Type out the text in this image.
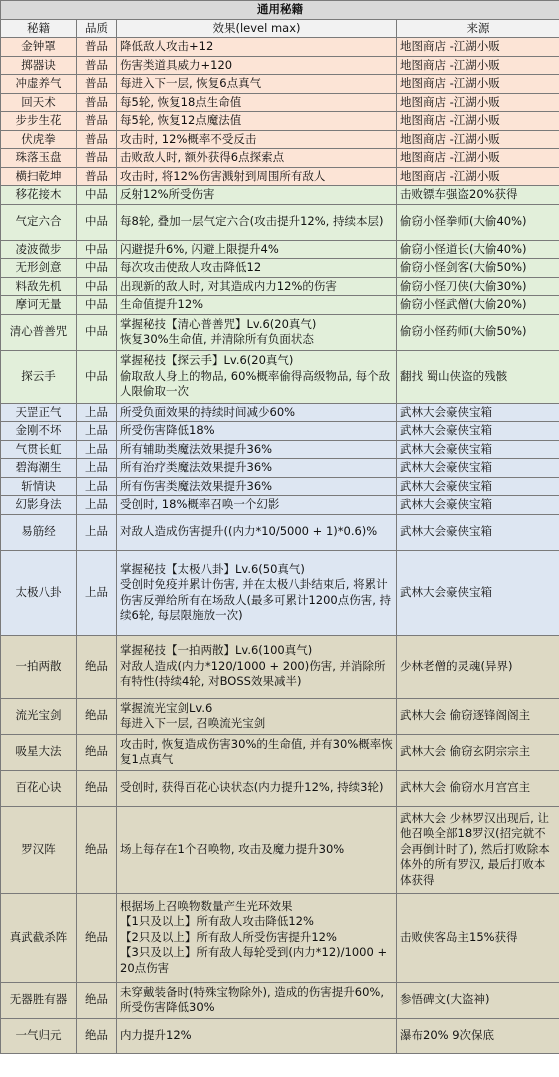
通用秘籍			
秘籍	品质	效果(level max)	来源
金钟罩	普品	降低敌人攻击+12	地图商店 -江湖小贩
掷器诀	普品	伤害类道具威力+120	地图商店 -江湖小贩
冲虚养气	普品	每进入下一层, 恢复6点真气	地图商店 -江湖小贩
回天术	普品	每5轮, 恢复18点生命值	地图商店 -江湖小贩
步步生花	普品	每5轮, 恢复12点魔法值	地图商店 -江湖小贩
伏虎拳	普品	攻击时, 12%概率不受反击	地图商店 -江湖小贩
珠落玉盘	普品	击败敌人时, 额外获得6点探索点	地图商店 -江湖小贩
横扫乾坤	普品	攻击时, 将12%伤害溅射到周围所有敌人	地图商店 -江湖小贩
移花接木	中品	反射12%所受伤害	击败镖车强盗20%获得
气定六合	中品	每8轮, 叠加一层气定六合(攻击提升12%, 持续本层)	偷窃小怪拳师(大偷40%)
凌波微步	中品	闪避提升6%, 闪避上限提升4%	偷窃小怪道长(大偷40%)
无形剑意	中品	每次攻击使敌人攻击降低12	偷窃小怪剑客(大偷50%)
料敌先机	中品	出现新的敌人时, 对其造成内力12%的伤害	偷窃小怪刀侠(大偷30%)
摩诃无量	中品	生命值提升12%	偷窃小怪武僧(大偷20%)
清心普善咒	中品	掌握秘技【清心普善咒】Lv.6(20真气)
恢复30%生命值, 并清除所有负面状态	偷窃小怪药师(大偷50%)
探云手	中品	掌握秘技【探云手】Lv.6(20真气)
偷取敌人身上的物品, 60%概率偷得高级物品, 每个敌人限偷取一次	翻找 蜀山侠盗的残骸
天罡正气	上品	所受负面效果的持续时间减少60%	武林大会豪侠宝箱
金刚不坏	上品	所受伤害降低18%	武林大会豪侠宝箱
气贯长虹	上品	所有辅助类魔法效果提升36%	武林大会豪侠宝箱
碧海潮生	上品	所有治疗类魔法效果提升36%	武林大会豪侠宝箱
斩情诀	上品	所有伤害类魔法效果提升36%	武林大会豪侠宝箱
幻影身法	上品	受创时, 18%概率召唤一个幻影	武林大会豪侠宝箱
易筋经	上品	对敌人造成伤害提升((内力*10/5000 + 1)*0.6)%	武林大会豪侠宝箱
太极八卦	上品	掌握秘技【太极八卦】Lv.6(50真气)
受创时免疫并累计伤害, 并在太极八卦结束后, 将累计伤害反弹给所有在场敌人(最多可累计1200点伤害, 持续6轮, 每层限施放一次)	武林大会豪侠宝箱
一拍两散	绝品	掌握秘技【一拍两散】Lv.6(100真气)
对敌人造成(内力*120/1000 + 200)伤害, 并消除所有特性(持续4轮, 对BOSS效果减半)	少林老僧的灵魂(异界)
流光宝剑	绝品	掌握流光宝剑Lv.6
每进入下一层, 召唤流光宝剑	武林大会 偷窃逐锋阁阁主
吸星大法	绝品	攻击时, 恢复造成伤害30%的生命值, 并有30%概率恢复1点真气	武林大会 偷窃玄阴宗宗主
百花心诀	绝品	受创时, 获得百花心诀状态(内力提升12%, 持续3轮)	武林大会 偷窃水月宫宫主
罗汉阵	绝品	场上每存在1个召唤物, 攻击及魔力提升30%	武林大会 少林罗汉出现后, 让他召唤全部18罗汉(招完就不会再倒计时了), 然后打败除本体外的所有罗汉, 最后打败本体获得
真武截杀阵	绝品	根据场上召唤物数量产生光环效果
【1只及以上】所有敌人攻击降低12%
【2只及以上】所有敌人所受伤害提升12%
【3只及以上】所有敌人每轮受到(内力*12)/1000 +20点伤害	击败侠客岛主15%获得
无器胜有器	绝品	未穿戴装备时(特殊宝物除外), 造成的伤害提升60%, 所受伤害降低30%	参悟碑文(大盗神)
一气归元	绝品	内力提升12%	瀑布20% 9次保底
